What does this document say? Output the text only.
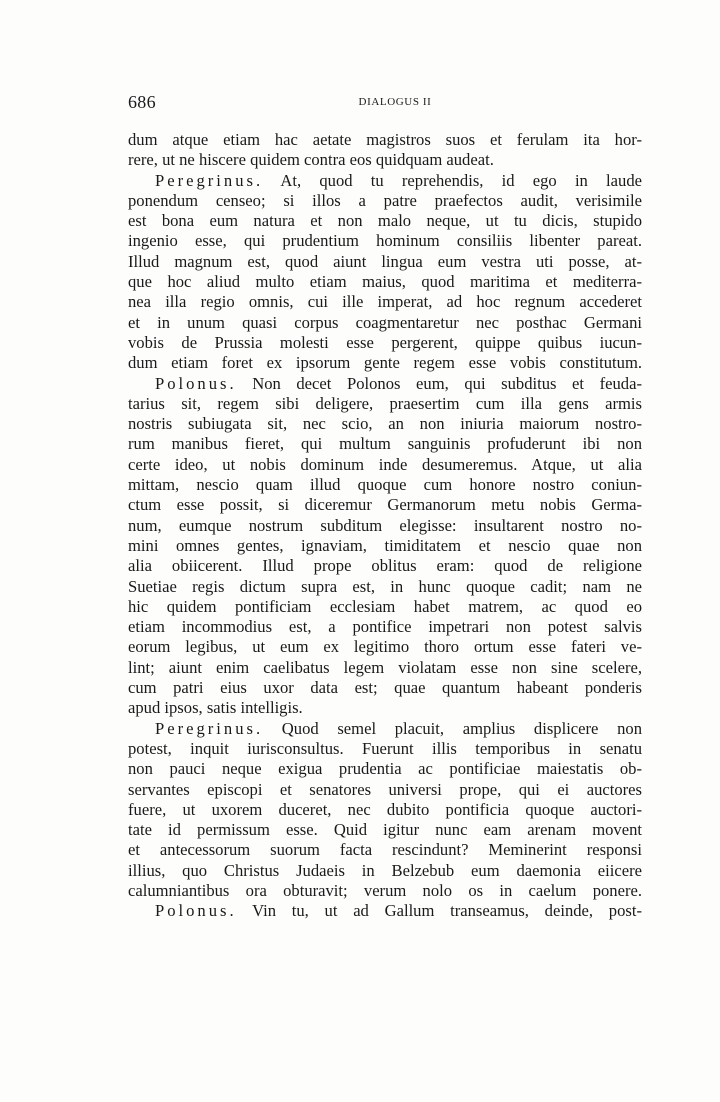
686	DIALOGUS II
dum atque etiam hac aetate magistros suos et ferulam ita hor-
rere, ut ne hiscere quidem contra eos quidquam audeat.
Peregrinus. At, quod tu reprehendis, id ego in laude
ponendum censeo; si illos a patre praefectos audit, verisimile
est bona eum natura et non malo neque, ut tu dicis, stupido
ingenio esse, qui prudentium hominum consiliis libenter pareat.
Illud magnum est, quod aiunt lingua eum vestra uti posse, at-
que hoc aliud multo etiam maius, quod maritima et mediterra-
nea illa regio omnis, cui ille imperat, ad hoc regnum accederet
et in unum quasi corpus coagmentaretur nec posthac Germani
vobis de Prussia molesti esse pergerent, quippe quibus iucun-
dum etiam foret ex ipsorum gente regem esse vobis constitutum.
Polonus. Non decet Polonos eum, qui subditus et feuda-
tarius sit, regem sibi deligere, praesertim cum illa gens armis
nostris subiugata sit, nec scio, an non iniuria maiorum nostro-
rum manibus fieret, qui multum sanguinis profuderunt ibi non
certe ideo, ut nobis dominum inde desumeremus. Atque, ut alia
mittam, nescio quam illud quoque cum honore nostro coniun-
ctum esse possit, si diceremur Germanorum metu nobis Germa-
num, eumque nostrum subditum elegisse: insultarent nostro no-
mini omnes gentes, ignaviam, timiditatem et nescio quae non
alia obiicerent. Illud prope oblitus eram: quod de religione
Suetiae regis dictum supra est, in hunc quoque cadit; nam ne
hic quidem pontificiam ecclesiam habet matrem, ac quod eo
etiam incommodius est, a pontifice impetrari non potest salvis
eorum legibus, ut eum ex legitimo thoro ortum esse fateri ve-
lint; aiunt enim caelibatus legem violatam esse non sine scelere,
cum patri eius uxor data est; quae quantum habeant ponderis
apud ipsos, satis intelligis.
Peregrinus. Quod semel placuit, amplius displicere non
potest, inquit iurisconsultus. Fuerunt illis temporibus in senatu
non pauci neque exigua prudentia ac pontificiae maiestatis ob-
servantes episcopi et senatores universi prope, qui ei auctores
fuere, ut uxorem duceret, nec dubito pontificia quoque auctori-
tate id permissum esse. Quid igitur nunc eam arenam movent
et antecessorum suorum facta rescindunt? Meminerint responsi
illius, quo Christus Judaeis in Belzebub eum daemonia eiicere
calumniantibus ora obturavit; verum nolo os in caelum ponere.
Polonus. Vin tu, ut ad Gallum transeamus, deinde, post-
